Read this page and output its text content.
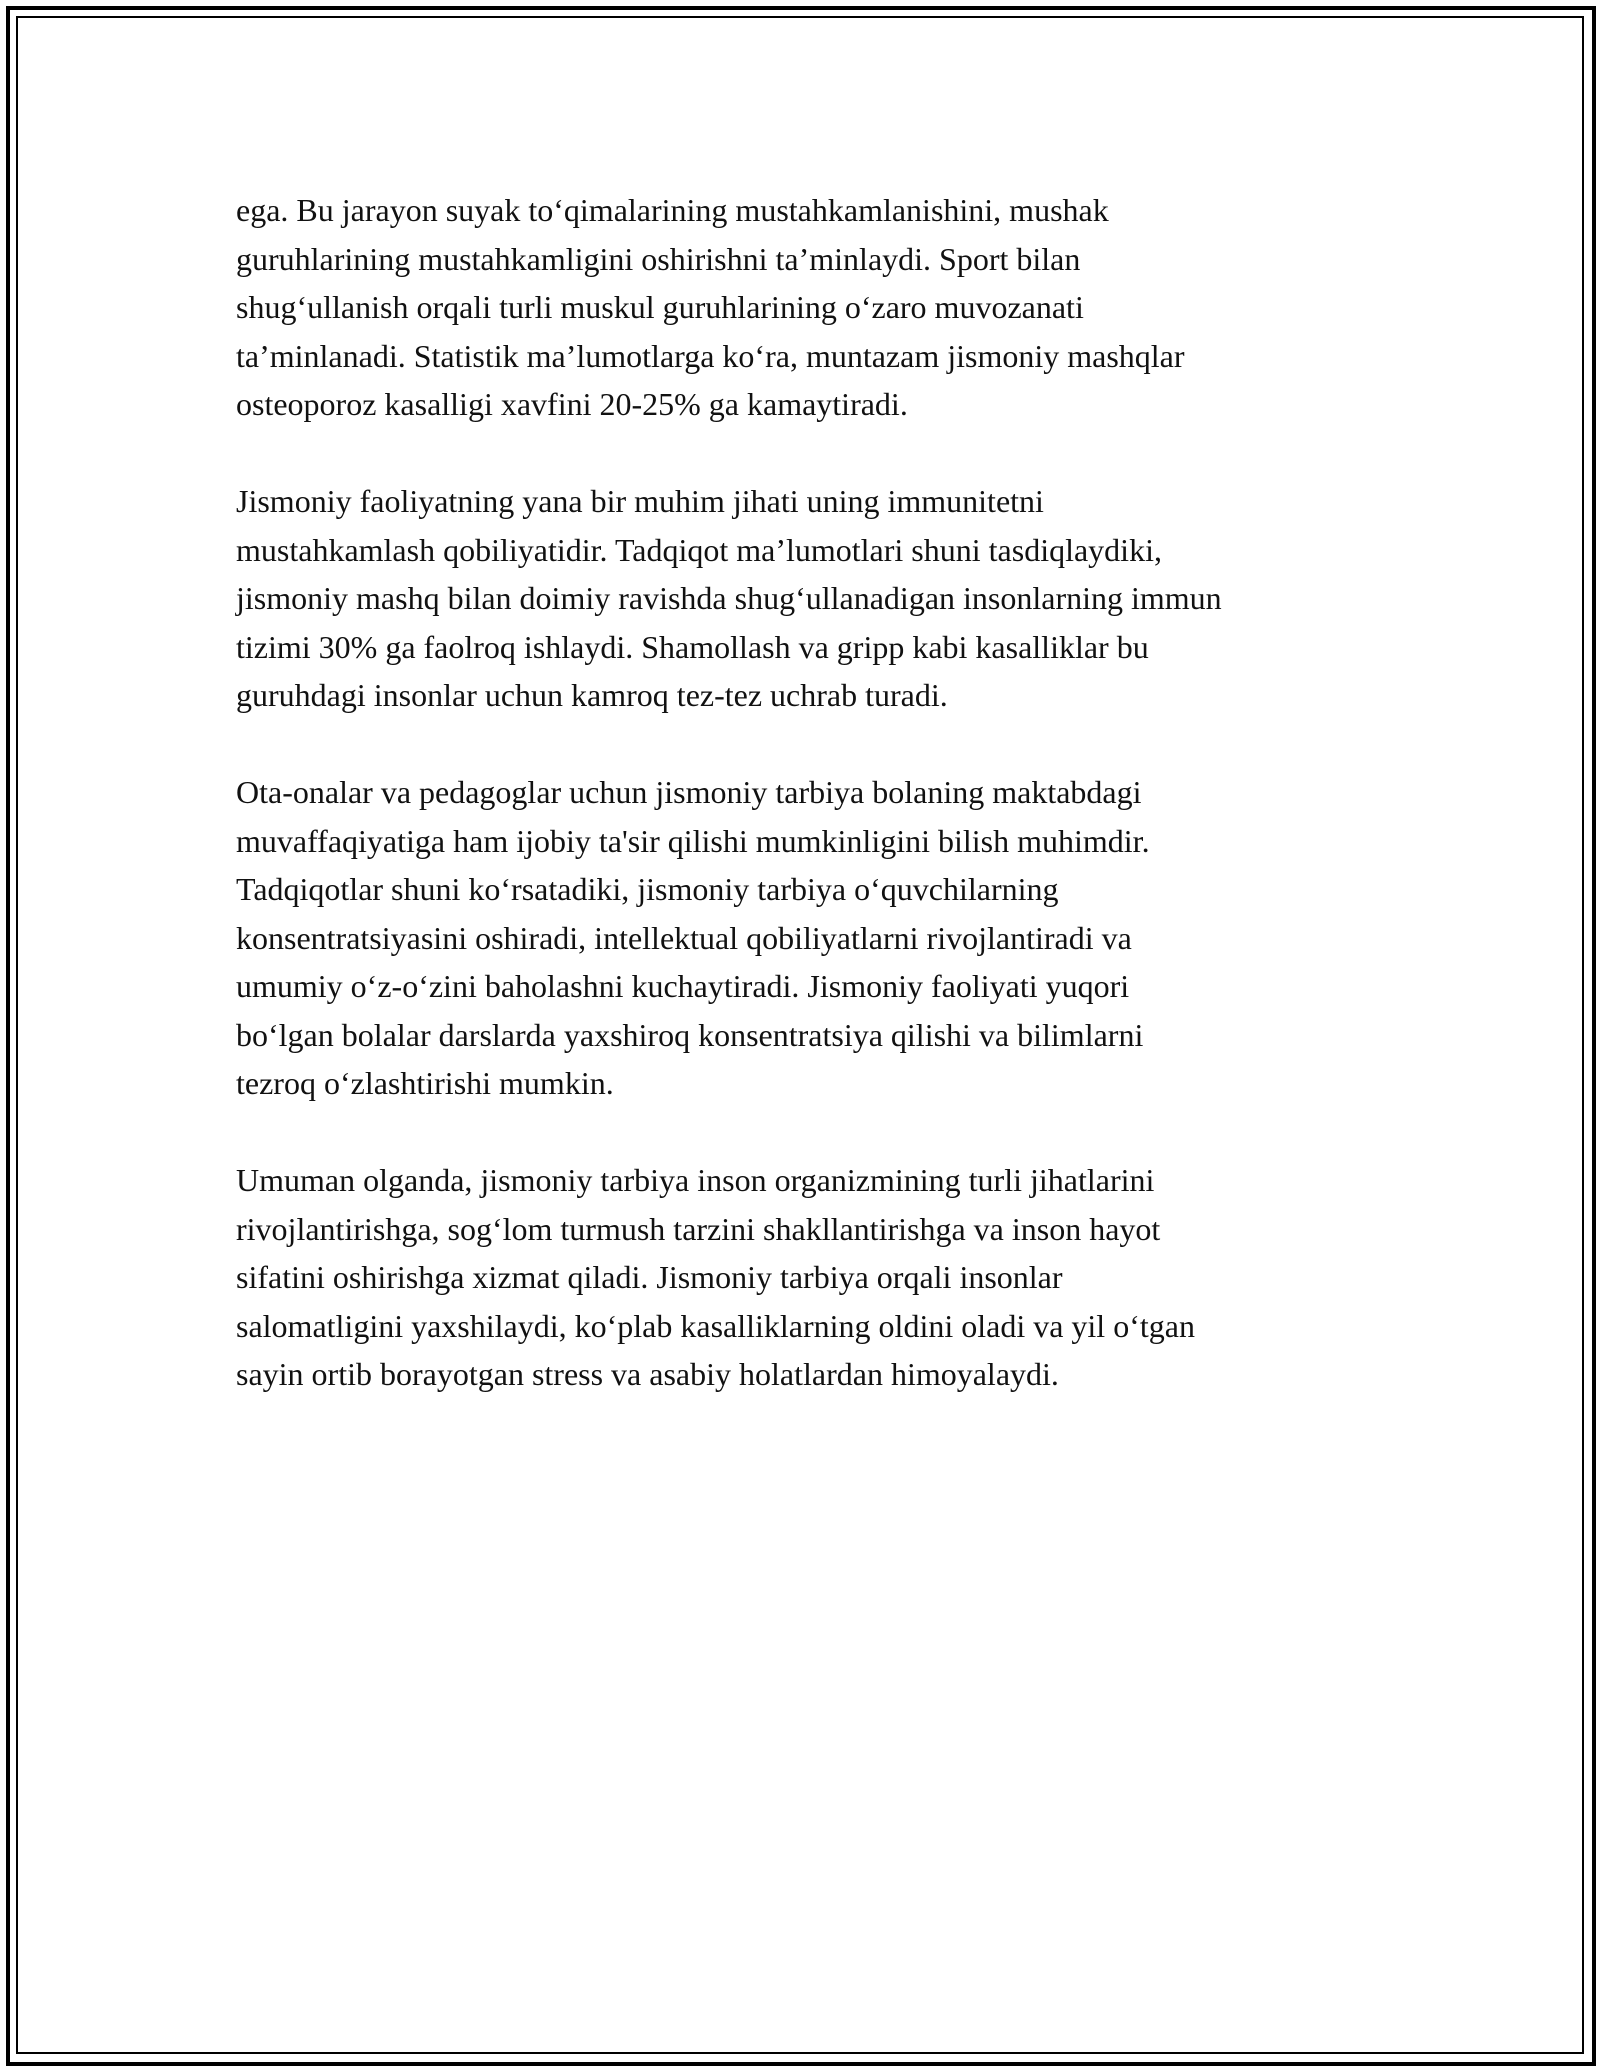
ega. Bu jarayon suyak to‘qimalarining mustahkamlanishini, mushak
guruhlarining mustahkamligini oshirishni ta’minlaydi. Sport bilan
shug‘ullanish orqali turli muskul guruhlarining o‘zaro muvozanati
ta’minlanadi. Statistik ma’lumotlarga ko‘ra, muntazam jismoniy mashqlar
osteoporoz kasalligi xavfini 20-25% ga kamaytiradi.

Jismoniy faoliyatning yana bir muhim jihati uning immunitetni
mustahkamlash qobiliyatidir. Tadqiqot ma’lumotlari shuni tasdiqlaydiki,
jismoniy mashq bilan doimiy ravishda shug‘ullanadigan insonlarning immun
tizimi 30% ga faolroq ishlaydi. Shamollash va gripp kabi kasalliklar bu
guruhdagi insonlar uchun kamroq tez-tez uchrab turadi.

Ota-onalar va pedagoglar uchun jismoniy tarbiya bolaning maktabdagi
muvaffaqiyatiga ham ijobiy ta'sir qilishi mumkinligini bilish muhimdir.
Tadqiqotlar shuni ko‘rsatadiki, jismoniy tarbiya o‘quvchilarning
konsentratsiyasini oshiradi, intellektual qobiliyatlarni rivojlantiradi va
umumiy o‘z-o‘zini baholashni kuchaytiradi. Jismoniy faoliyati yuqori
bo‘lgan bolalar darslarda yaxshiroq konsentratsiya qilishi va bilimlarni
tezroq o‘zlashtirishi mumkin.

Umuman olganda, jismoniy tarbiya inson organizmining turli jihatlarini
rivojlantirishga, sog‘lom turmush tarzini shakllantirishga va inson hayot
sifatini oshirishga xizmat qiladi. Jismoniy tarbiya orqali insonlar
salomatligini yaxshilaydi, ko‘plab kasalliklarning oldini oladi va yil o‘tgan
sayin ortib borayotgan stress va asabiy holatlardan himoyalaydi.
